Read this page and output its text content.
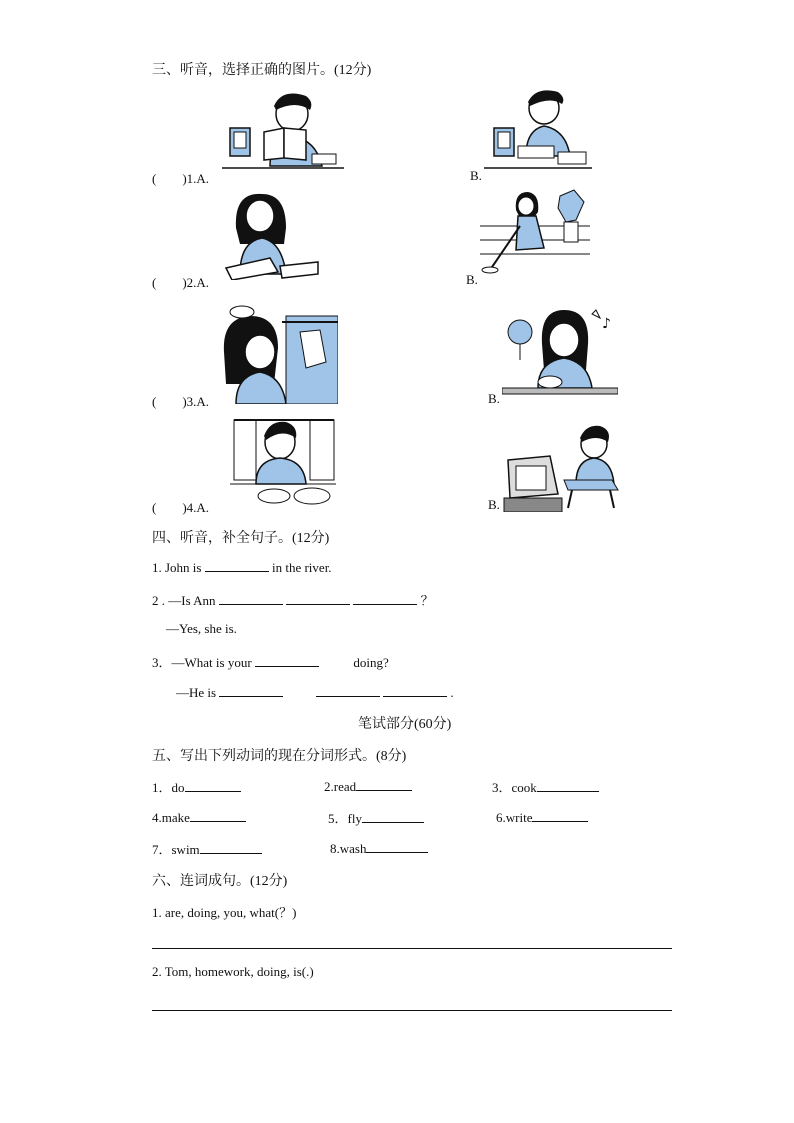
三、听音，选择正确的图片。(12分)
(　　)1.A.	B.
(　　)2.A.	B.
♪
(　　)3.A.	B.
(　　)4.A.	B.
四、听音，补全句子。(12分)
1. John is	in the river.
2 . —Is Ann	？
—Yes, she is.
3．—What is your	doing?
—He is	.
笔试部分(60分)
五、写出下列动词的现在分词形式。(8分)
1．do	2.read	3．cook
4.make	5．fly	6.write
7．swim	8.wash
六、连词成句。(12分)
1. are, doing, you, what(？)
2. Tom, homework, doing, is(.)
